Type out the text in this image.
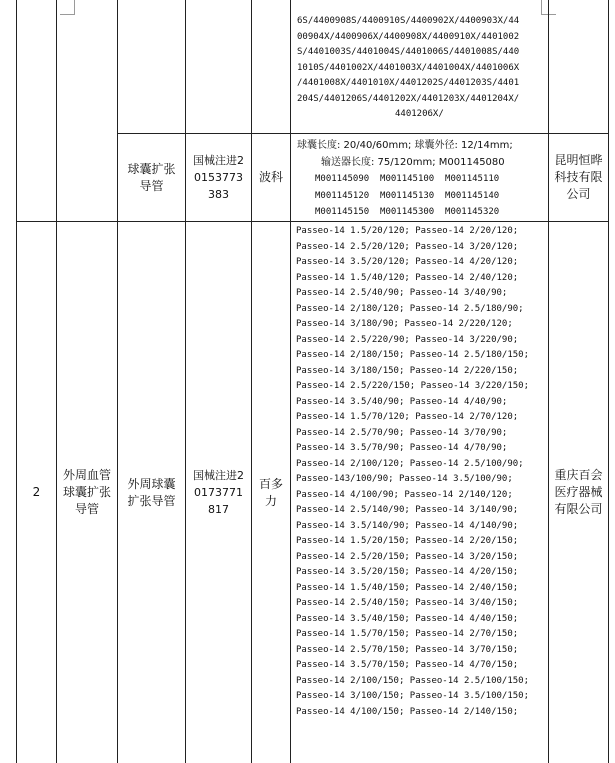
6S/4400908S/4400910S/4400902X/4400903X/44
00904X/4400906X/4400908X/4400910X/4401002
S/4401003S/4401004S/4401006S/4401008S/440
1010S/4401002X/4401003X/4401004X/4401006X
/4401008X/4401010X/4401202S/4401203S/4401
204S/4401206S/4401202X/4401203X/4401204X/
4401206X/
球囊扩张导管
国械注进20153773383
波科
球囊长度: 20/40/60mm; 球囊外径: 12/14mm;
输送器长度: 75/120mm; M001145080
M001145090  M001145100  M001145110
M001145120  M001145130  M001145140
M001145150  M001145300  M001145320
昆明恒晔科技有限公司
2
外周血管球囊扩张导管
外周球囊扩张导管
国械注进20173771817
百多力
Passeo-14 1.5/20/120; Passeo-14 2/20/120;
Passeo-14 2.5/20/120; Passeo-14 3/20/120;
Passeo-14 3.5/20/120; Passeo-14 4/20/120;
Passeo-14 1.5/40/120; Passeo-14 2/40/120;
Passeo-14 2.5/40/90; Passeo-14 3/40/90;
Passeo-14 2/180/120; Passeo-14 2.5/180/90;
Passeo-14 3/180/90; Passeo-14 2/220/120;
Passeo-14 2.5/220/90; Passeo-14 3/220/90;
Passeo-14 2/180/150; Passeo-14 2.5/180/150;
Passeo-14 3/180/150; Passeo-14 2/220/150;
Passeo-14 2.5/220/150; Passeo-14 3/220/150;
Passeo-14 3.5/40/90; Passeo-14 4/40/90;
Passeo-14 1.5/70/120; Passeo-14 2/70/120;
Passeo-14 2.5/70/90; Passeo-14 3/70/90;
Passeo-14 3.5/70/90; Passeo-14 4/70/90;
Passeo-14 2/100/120; Passeo-14 2.5/100/90;
Passeo-143/100/90; Passeo-14 3.5/100/90;
Passeo-14 4/100/90; Passeo-14 2/140/120;
Passeo-14 2.5/140/90; Passeo-14 3/140/90;
Passeo-14 3.5/140/90; Passeo-14 4/140/90;
Passeo-14 1.5/20/150; Passeo-14 2/20/150;
Passeo-14 2.5/20/150; Passeo-14 3/20/150;
Passeo-14 3.5/20/150; Passeo-14 4/20/150;
Passeo-14 1.5/40/150; Passeo-14 2/40/150;
Passeo-14 2.5/40/150; Passeo-14 3/40/150;
Passeo-14 3.5/40/150; Passeo-14 4/40/150;
Passeo-14 1.5/70/150; Passeo-14 2/70/150;
Passeo-14 2.5/70/150; Passeo-14 3/70/150;
Passeo-14 3.5/70/150; Passeo-14 4/70/150;
Passeo-14 2/100/150; Passeo-14 2.5/100/150;
Passeo-14 3/100/150; Passeo-14 3.5/100/150;
Passeo-14 4/100/150; Passeo-14 2/140/150;
重庆百会医疗器械有限公司
